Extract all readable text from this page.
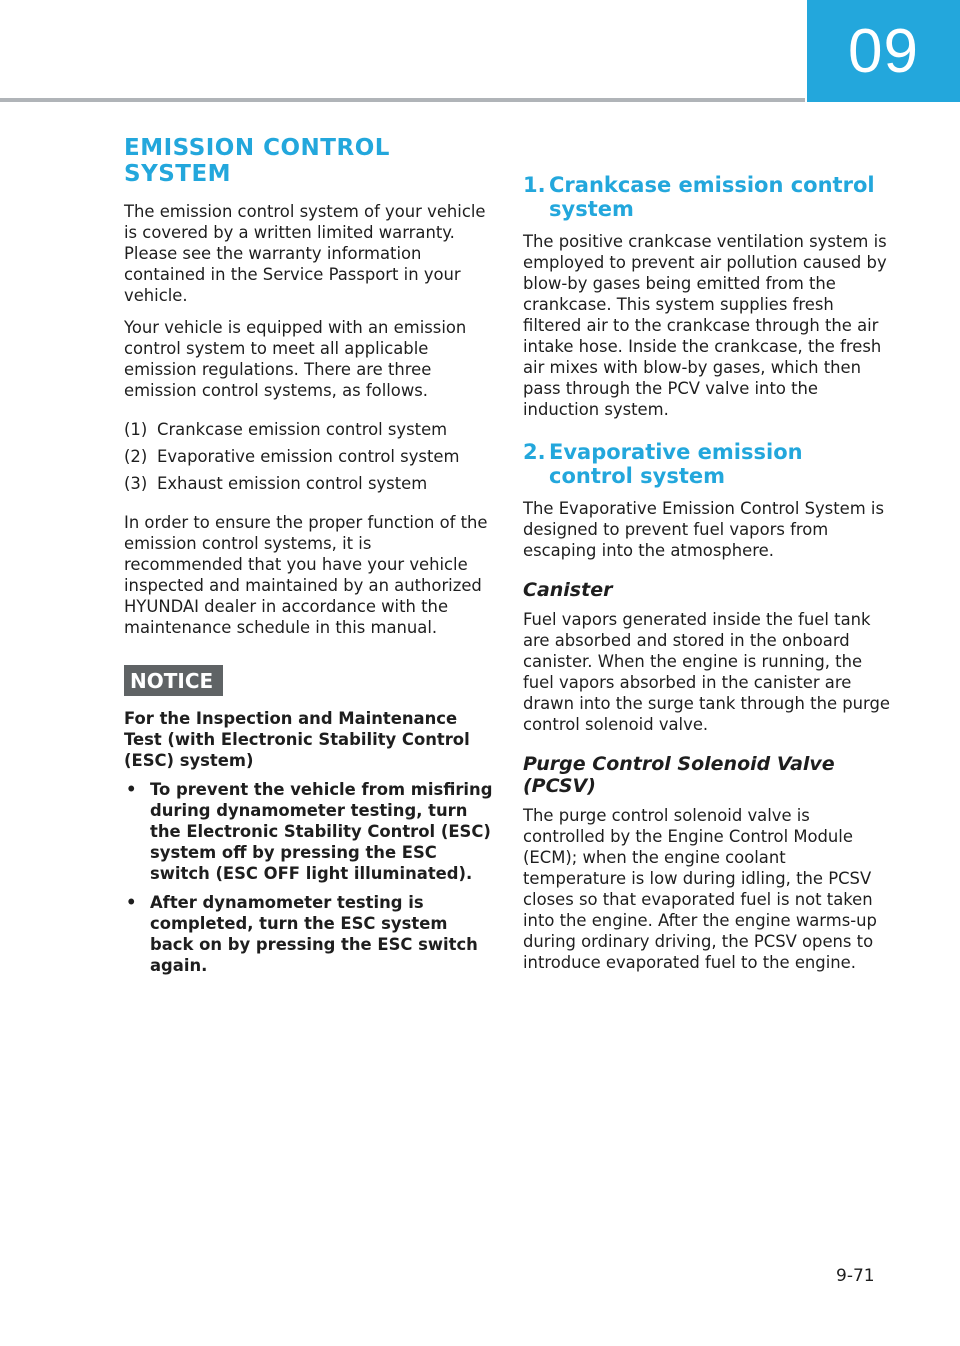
09
EMISSION CONTROL SYSTEM

The emission control system of your vehicle is covered by a written limited warranty. Please see the warranty information contained in the Service Passport in your vehicle.

Your vehicle is equipped with an emission control system to meet all applicable emission regulations. There are three emission control systems, as follows.

(1) Crankcase emission control system
(2) Evaporative emission control system
(3) Exhaust emission control system

In order to ensure the proper function of the emission control systems, it is recommended that you have your vehicle inspected and maintained by an authorized HYUNDAI dealer in accordance with the maintenance schedule in this manual.

NOTICE

For the Inspection and Maintenance Test (with Electronic Stability Control (ESC) system)

• To prevent the vehicle from misfiring during dynamometer testing, turn the Electronic Stability Control (ESC) system off by pressing the ESC switch (ESC OFF light illuminated).
• After dynamometer testing is completed, turn the ESC system back on by pressing the ESC switch again.
1. Crankcase emission control system

The positive crankcase ventilation system is employed to prevent air pollution caused by blow-by gases being emitted from the crankcase. This system supplies fresh filtered air to the crankcase through the air intake hose. Inside the crankcase, the fresh air mixes with blow-by gases, which then pass through the PCV valve into the induction system.

2. Evaporative emission control system

The Evaporative Emission Control System is designed to prevent fuel vapors from escaping into the atmosphere.

Canister

Fuel vapors generated inside the fuel tank are absorbed and stored in the onboard canister. When the engine is running, the fuel vapors absorbed in the canister are drawn into the surge tank through the purge control solenoid valve.

Purge Control Solenoid Valve (PCSV)

The purge control solenoid valve is controlled by the Engine Control Module (ECM); when the engine coolant temperature is low during idling, the PCSV closes so that evaporated fuel is not taken into the engine. After the engine warms-up during ordinary driving, the PCSV opens to introduce evaporated fuel to the engine.

9-71
